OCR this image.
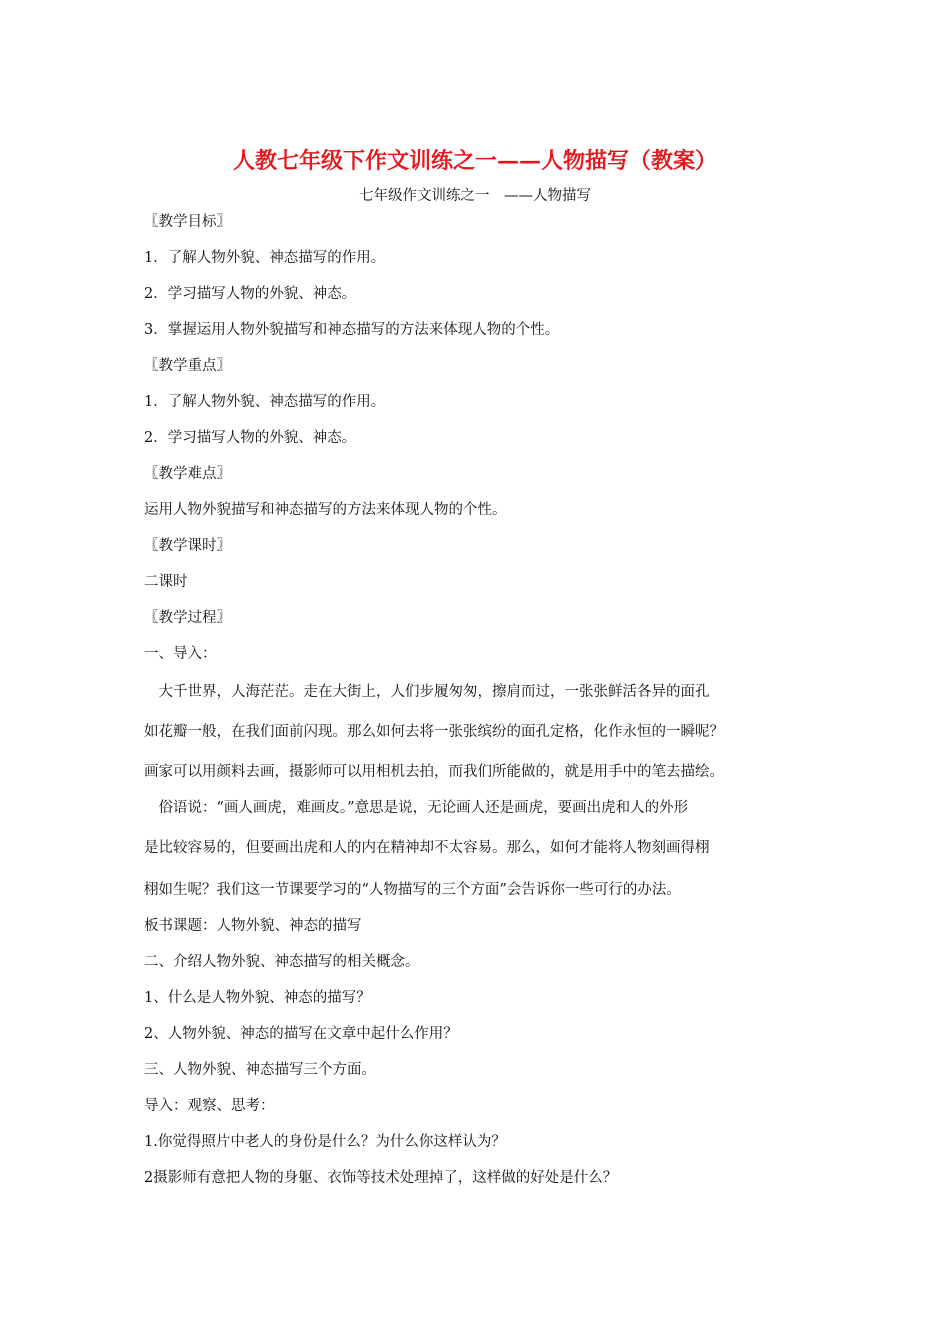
人教七年级下作文训练之一——人物描写（教案）
七年级作文训练之一　——人物描写
〖教学目标〗
1．了解人物外貌、神态描写的作用。
2．学习描写人物的外貌、神态。
3．掌握运用人物外貌描写和神态描写的方法来体现人物的个性。
〖教学重点〗
1．了解人物外貌、神态描写的作用。
2．学习描写人物的外貌、神态。
〖教学难点〗
运用人物外貌描写和神态描写的方法来体现人物的个性。
〖教学课时〗
二课时
〖教学过程〗
一、导入：
　大千世界，人海茫茫。走在大街上，人们步履匆匆，擦肩而过，一张张鲜活各异的面孔
如花瓣一般，在我们面前闪现。那么如何去将一张张缤纷的面孔定格，化作永恒的一瞬呢？
画家可以用颜料去画，摄影师可以用相机去拍，而我们所能做的，就是用手中的笔去描绘。
　俗语说：“画人画虎，难画皮。”意思是说，无论画人还是画虎，要画出虎和人的外形
是比较容易的，但要画出虎和人的内在精神却不太容易。那么，如何才能将人物刻画得栩
栩如生呢？我们这一节课要学习的“人物描写的三个方面”会告诉你一些可行的办法。
板书课题：人物外貌、神态的描写
二、介绍人物外貌、神态描写的相关概念。
1、什么是人物外貌、神态的描写？
2、人物外貌、神态的描写在文章中起什么作用？
三、人物外貌、神态描写三个方面。
导入：观察、思考：
1.你觉得照片中老人的身份是什么？为什么你这样认为？
2摄影师有意把人物的身躯、衣饰等技术处理掉了，这样做的好处是什么？
